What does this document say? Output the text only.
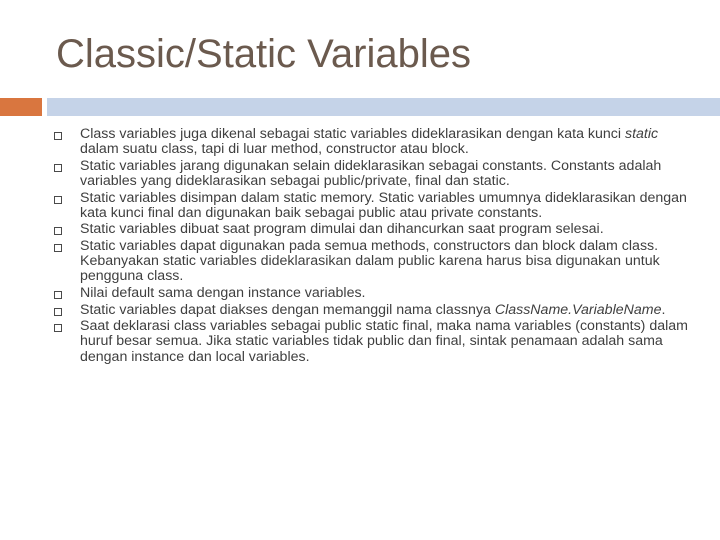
Classic/Static Variables
Class variables juga dikenal sebagai static variables dideklarasikan dengan kata kunci static dalam suatu class, tapi di luar method, constructor atau block.
Static variables jarang digunakan selain dideklarasikan sebagai constants. Constants adalah variables yang dideklarasikan sebagai public/private, final dan static.
Static variables disimpan dalam static memory. Static variables umumnya dideklarasikan dengan kata kunci final dan digunakan baik sebagai public atau private constants.
Static variables dibuat saat program dimulai dan dihancurkan saat program selesai.
Static variables dapat digunakan pada semua methods, constructors dan block dalam class. Kebanyakan static variables dideklarasikan dalam public karena harus bisa digunakan untuk pengguna class.
Nilai default sama dengan instance variables.
Static variables dapat diakses dengan memanggil nama classnya ClassName.VariableName.
Saat deklarasi class variables sebagai public static final, maka nama variables (constants) dalam huruf besar semua. Jika static variables tidak public dan final, sintak penamaan adalah sama dengan instance dan local variables.
